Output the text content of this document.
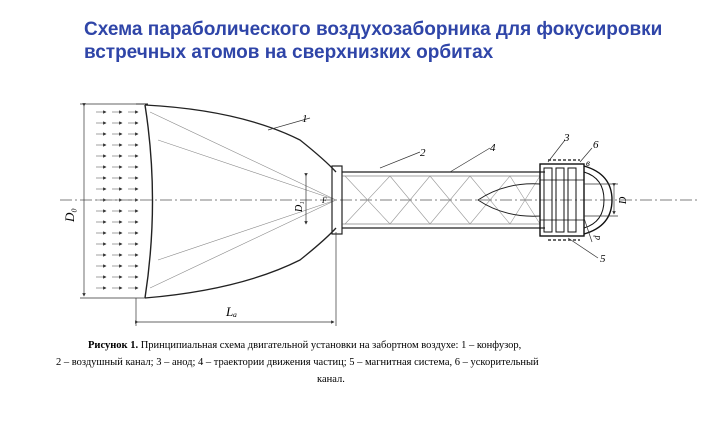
Схема параболического воздухозаборника для фокусировки встречных атомов на сверхнизких орбитах
1
2	4
3
6
в
5
F
D₀
D₁
Lₐ
D
d
Рисунок 1. Принципиальная схема двигательной установки на забортном воздухе: 1 – конфузор,
2 – воздушный канал; 3 – анод; 4 – траектории движения частиц; 5 – магнитная система, 6 – ускорительный
канал.
